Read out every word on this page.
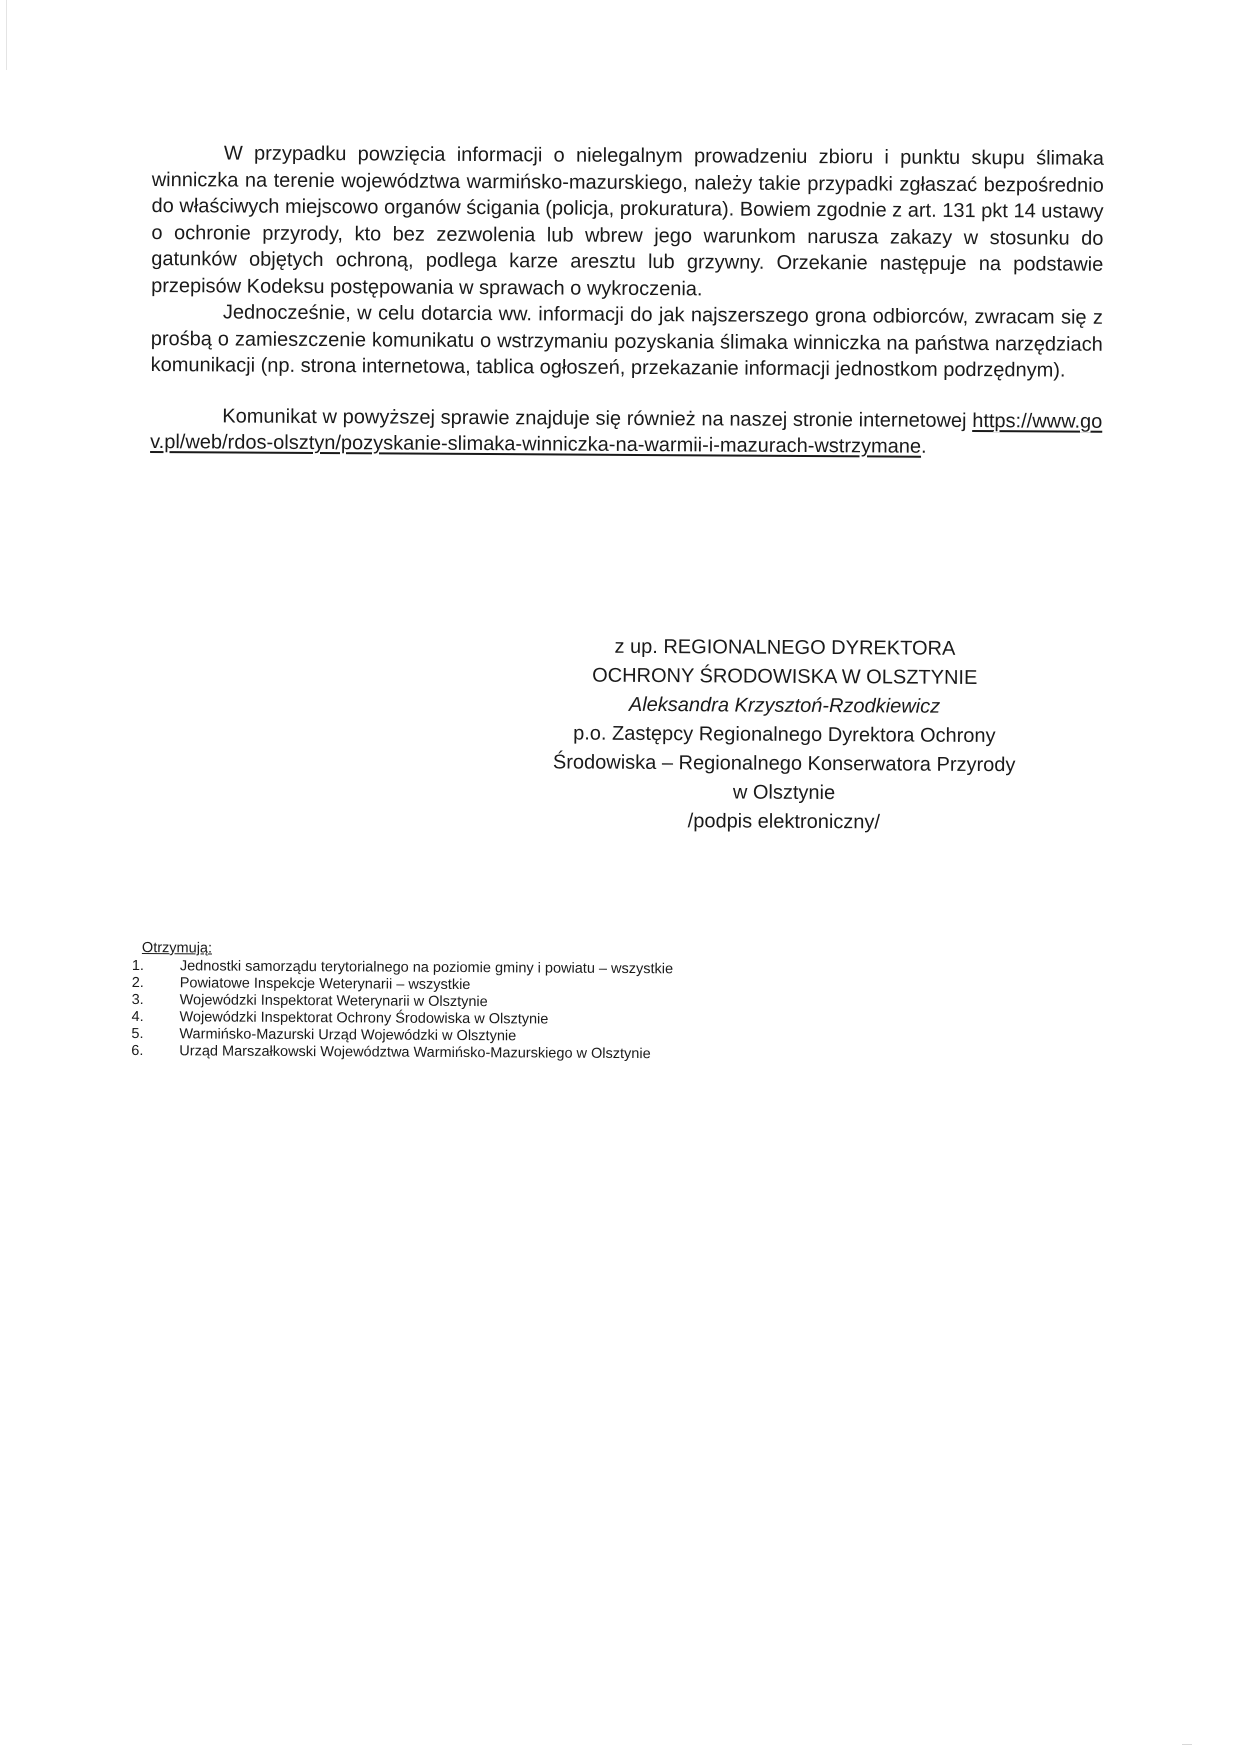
W przypadku powzięcia informacji o nielegalnym prowadzeniu zbioru i punktu skupu ślimaka winniczka na terenie województwa warmińsko-mazurskiego, należy takie przypadki zgłaszać bezpośrednio do właściwych miejscowo organów ścigania (policja, prokuratura). Bowiem zgodnie z art. 131 pkt 14 ustawy o ochronie przyrody, kto bez zezwolenia lub wbrew jego warunkom narusza zakazy w stosunku do gatunków objętych ochroną, podlega karze aresztu lub grzywny. Orzekanie następuje na podstawie przepisów Kodeksu postępowania w sprawach o wykroczenia.

Jednocześnie, w celu dotarcia ww. informacji do jak najszerszego grona odbiorców, zwracam się z prośbą o zamieszczenie komunikatu o wstrzymaniu pozyskania ślimaka winniczka na państwa narzędziach komunikacji (np. strona internetowa, tablica ogłoszeń, przekazanie informacji jednostkom podrzędnym).

Komunikat w powyższej sprawie znajduje się również na naszej stronie internetowej https://www.gov.pl/web/rdos-olsztyn/pozyskanie-slimaka-winniczka-na-warmii-i-mazurach-wstrzymane.

z up. REGIONALNEGO DYREKTORA
OCHRONY ŚRODOWISKA W OLSZTYNIE
Aleksandra Krzysztoń-Rzodkiewicz
p.o. Zastępcy Regionalnego Dyrektora Ochrony
Środowiska – Regionalnego Konserwatora Przyrody
w Olsztynie
/podpis elektroniczny/
Otrzymują:
1.	Jednostki samorządu terytorialnego na poziomie gminy i powiatu – wszystkie
2.	Powiatowe Inspekcje Weterynarii – wszystkie
3.	Wojewódzki Inspektorat Weterynarii w Olsztynie
4.	Wojewódzki Inspektorat Ochrony Środowiska w Olsztynie
5.	Warmińsko-Mazurski Urząd Wojewódzki w Olsztynie
6.	Urząd Marszałkowski Województwa Warmińsko-Mazurskiego w Olsztynie
